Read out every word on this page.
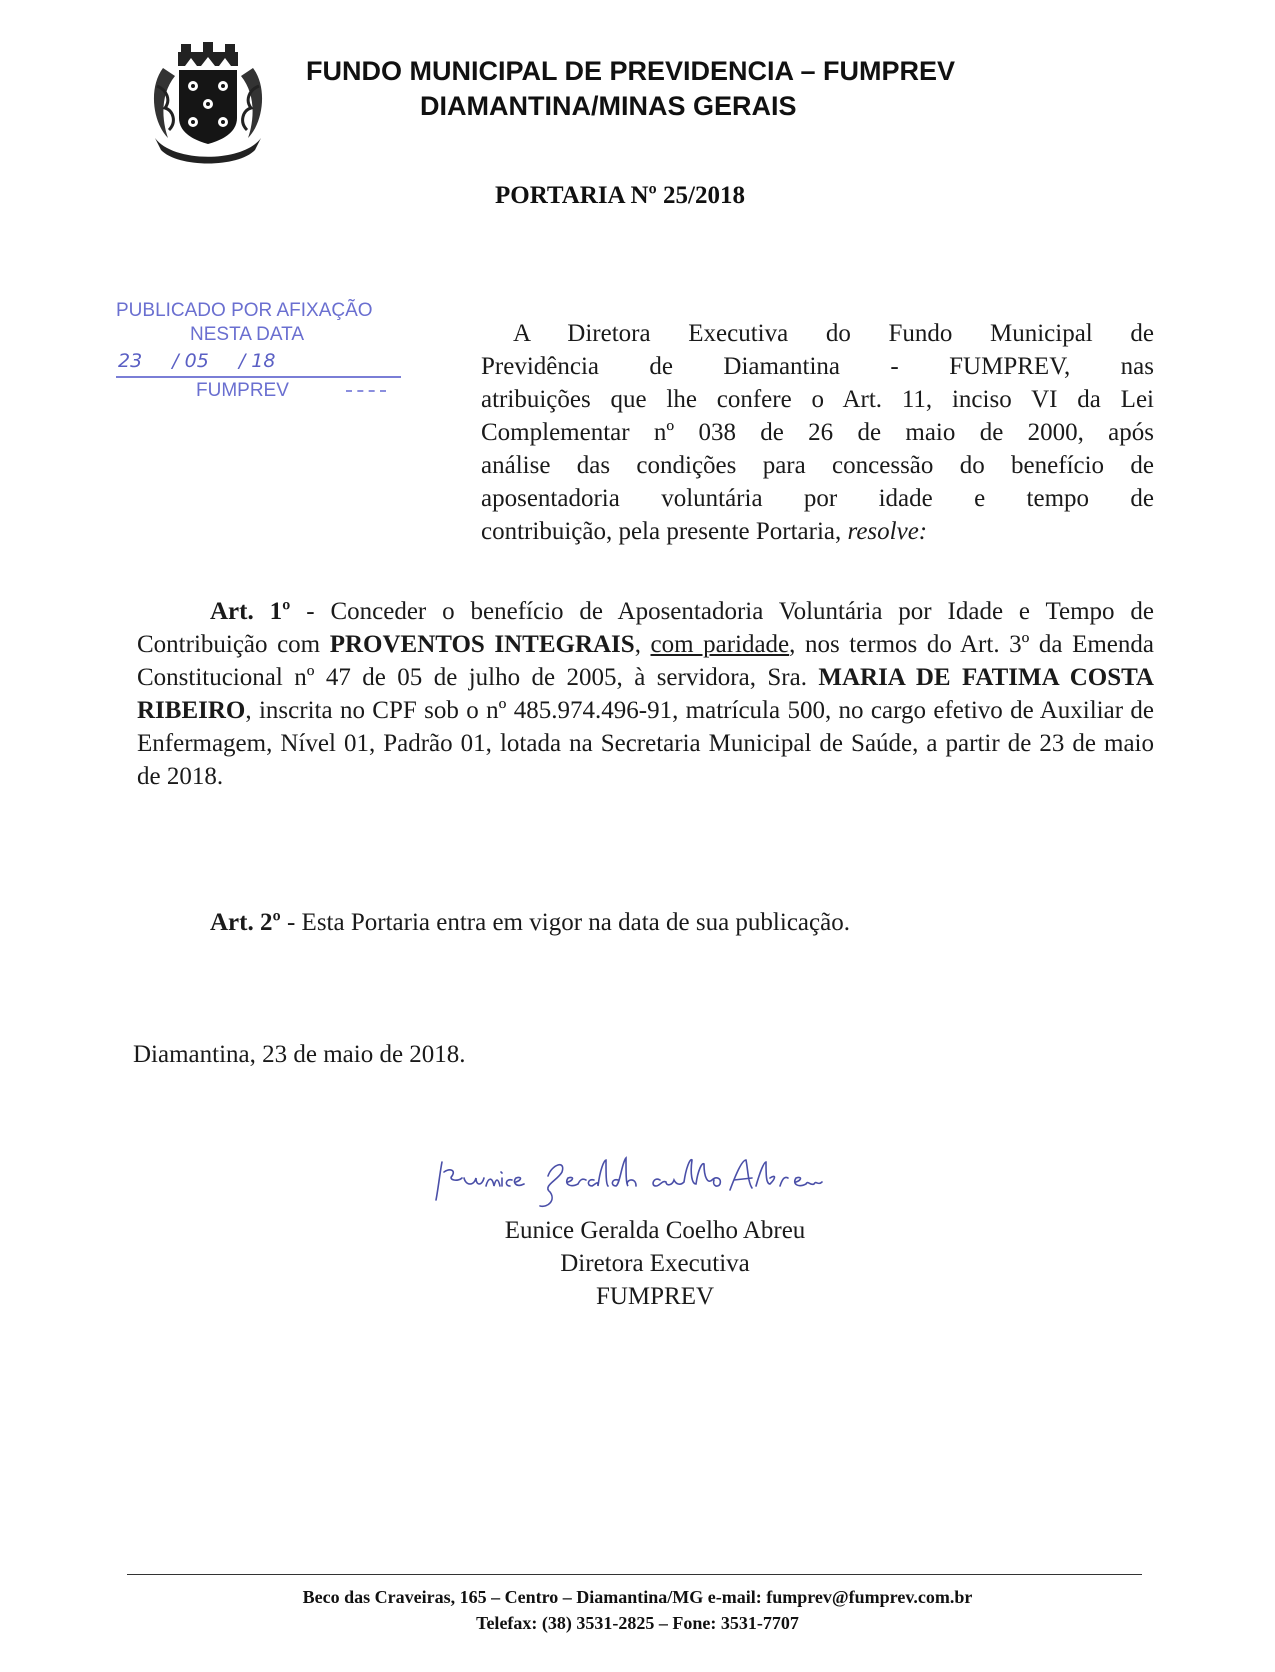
FUNDO MUNICIPAL DE PREVIDENCIA – FUMPREV
DIAMANTINA/MINAS GERAIS
PORTARIA Nº 25/2018
PUBLICADO POR AFIXAÇÃO
NESTA DATA
23 / 05 / 18
FUMPREV
A Diretora Executiva do Fundo Municipal de
Previdência de Diamantina - FUMPREV, nas
atribuições que lhe confere o Art. 11, inciso VI da Lei
Complementar nº 038 de 26 de maio de 2000, após
análise das condições para concessão do benefício de
aposentadoria voluntária por idade e tempo de
contribuição, pela presente Portaria, resolve:
Art. 1º - Conceder o benefício de Aposentadoria Voluntária por Idade e Tempo de Contribuição com PROVENTOS INTEGRAIS, com paridade, nos termos do Art. 3º da Emenda Constitucional nº 47 de 05 de julho de 2005, à servidora, Sra. MARIA DE FATIMA COSTA RIBEIRO, inscrita no CPF sob o nº 485.974.496-91, matrícula 500, no cargo efetivo de Auxiliar de Enfermagem, Nível 01, Padrão 01, lotada na Secretaria Municipal de Saúde, a partir de 23 de maio de 2018.
Art. 2º - Esta Portaria entra em vigor na data de sua publicação.
Diamantina, 23 de maio de 2018.
Eunice Geralda Coelho Abreu
Diretora Executiva
FUMPREV
Beco das Craveiras, 165 – Centro – Diamantina/MG e-mail: fumprev@fumprev.com.br
Telefax: (38) 3531-2825 – Fone: 3531-7707
